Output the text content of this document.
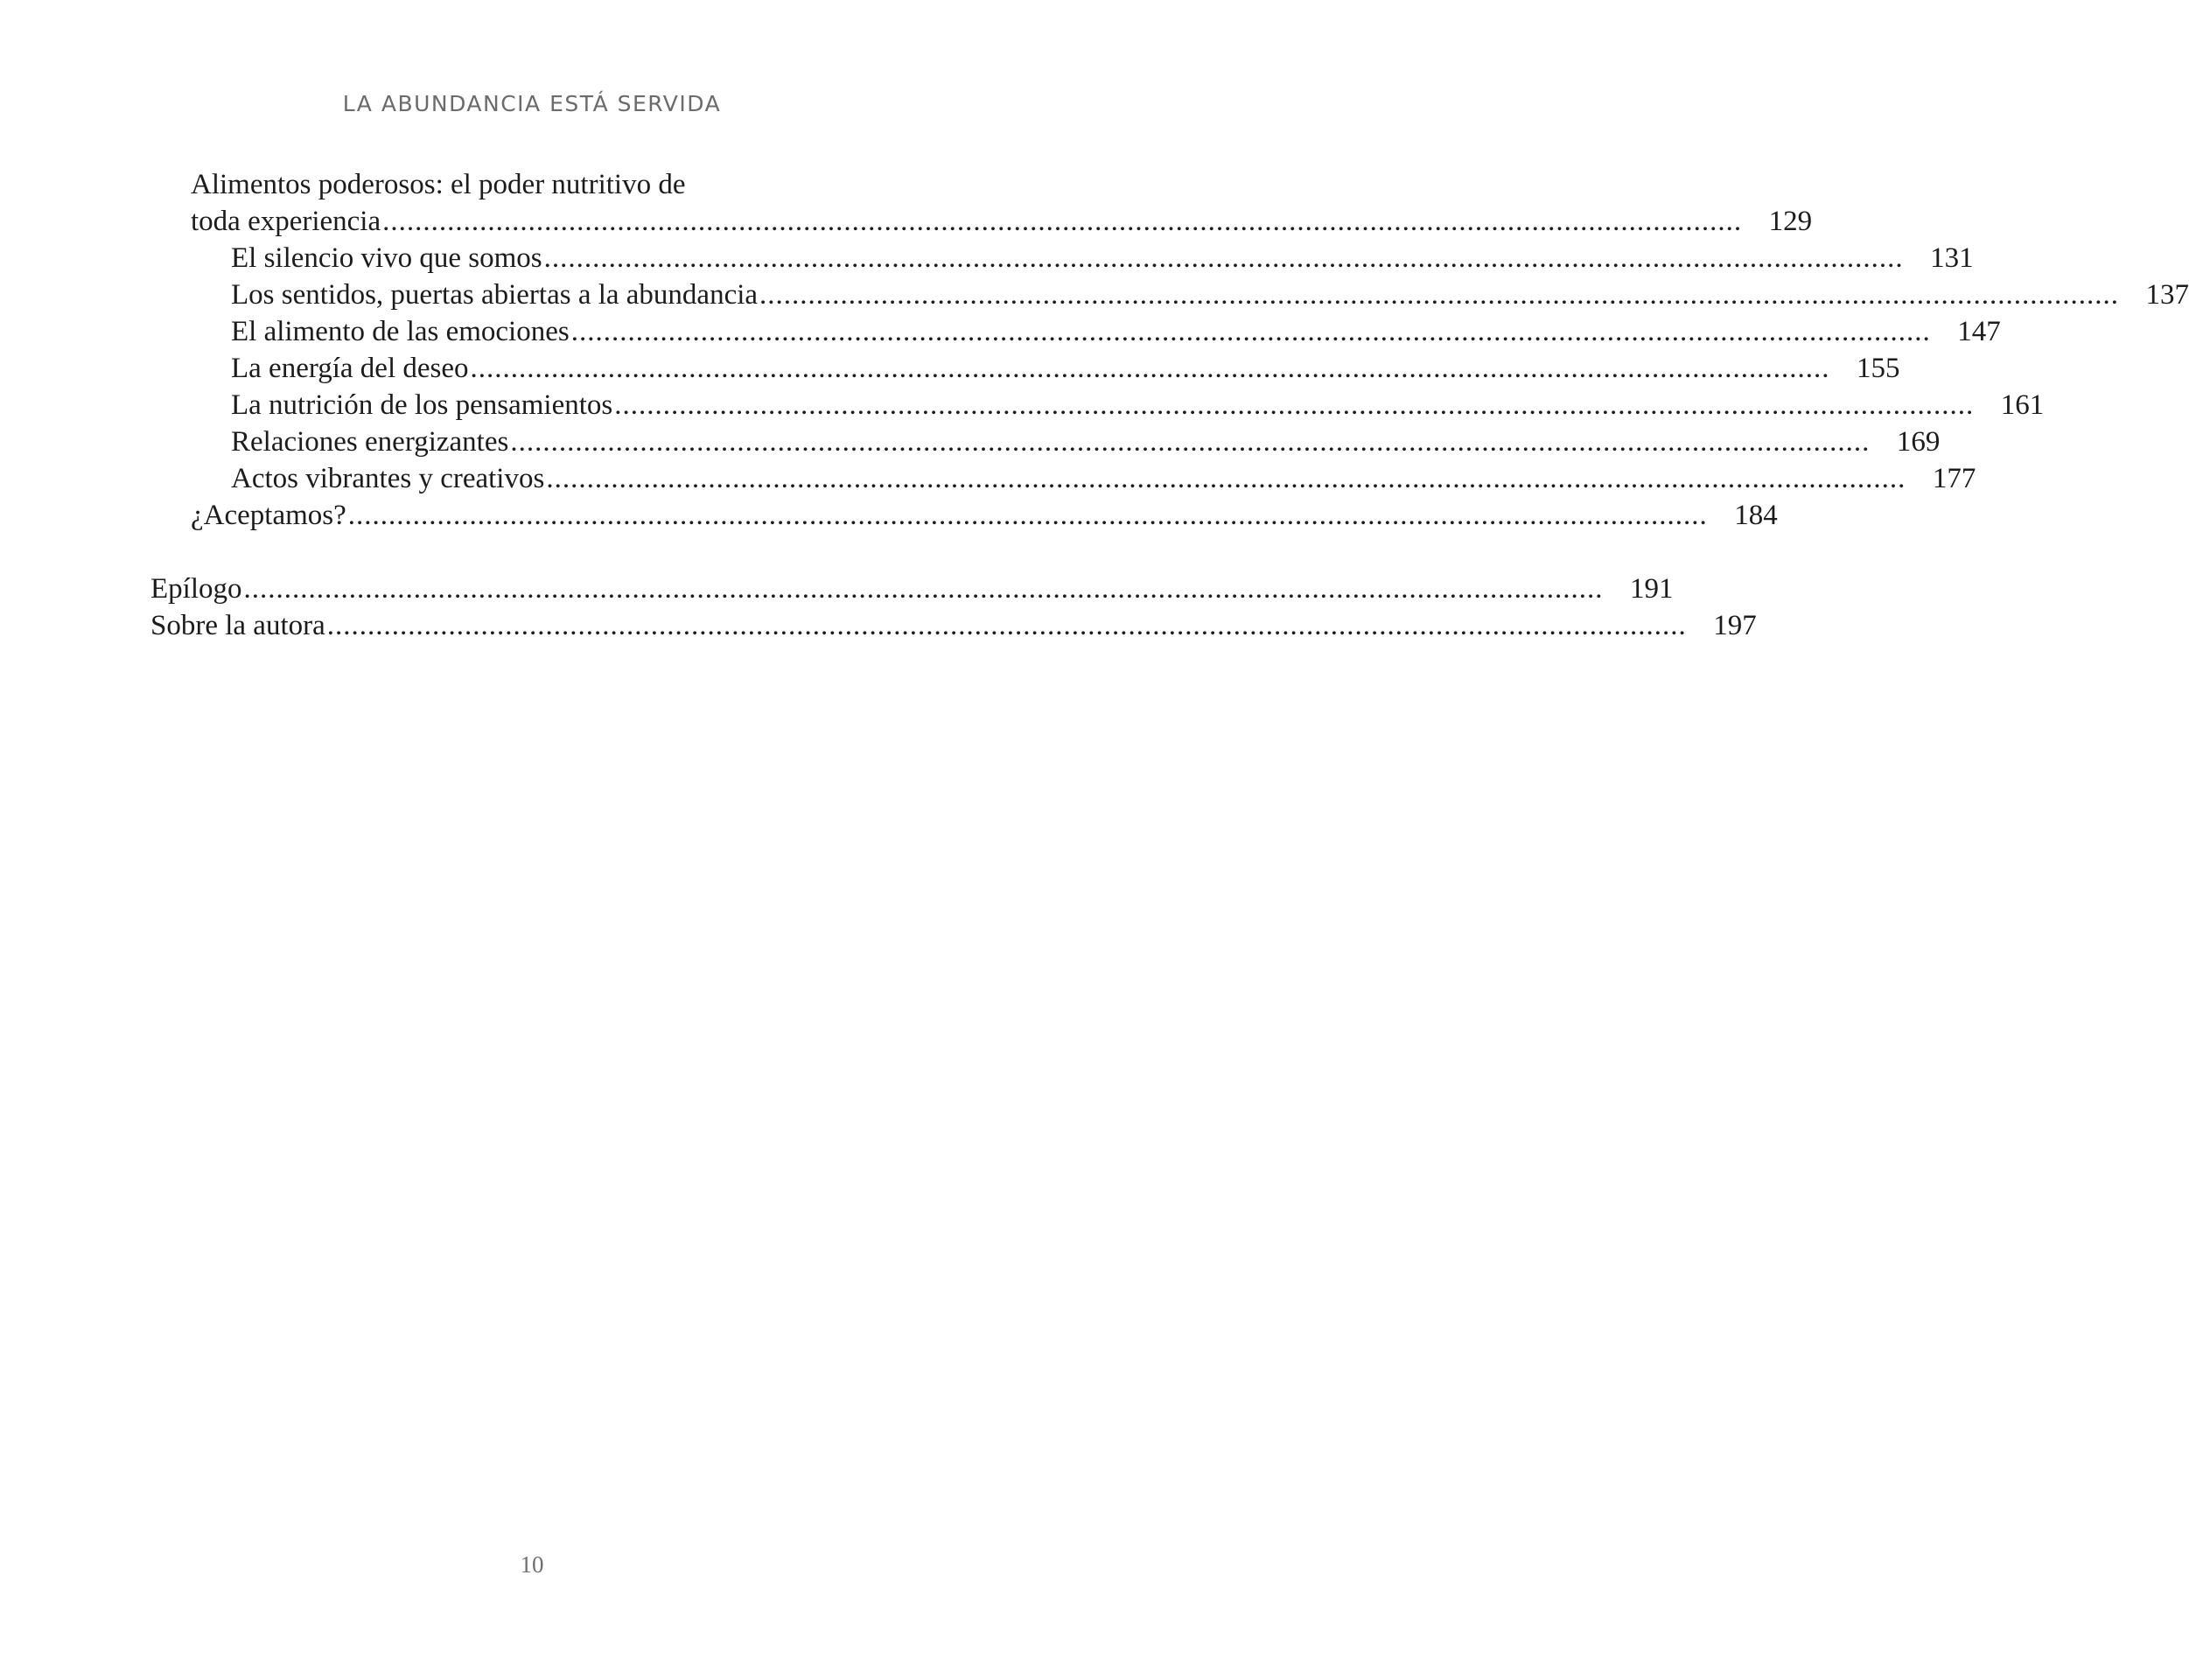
LA ABUNDANCIA ESTÁ SERVIDA
Alimentos poderosos: el poder nutritivo de
toda experiencia ........................................................................................................................................................................ 129
El silencio vivo que somos ........................................................................................................................................................................ 131
Los sentidos, puertas abiertas a la abundancia ........................................................................................................................................................................ 137
El alimento de las emociones ........................................................................................................................................................................ 147
La energía del deseo ........................................................................................................................................................................ 155
La nutrición de los pensamientos ........................................................................................................................................................................ 161
Relaciones energizantes ........................................................................................................................................................................ 169
Actos vibrantes y creativos ........................................................................................................................................................................ 177
¿Aceptamos? ........................................................................................................................................................................ 184
Epílogo ........................................................................................................................................................................ 191
Sobre la autora ........................................................................................................................................................................ 197
10
